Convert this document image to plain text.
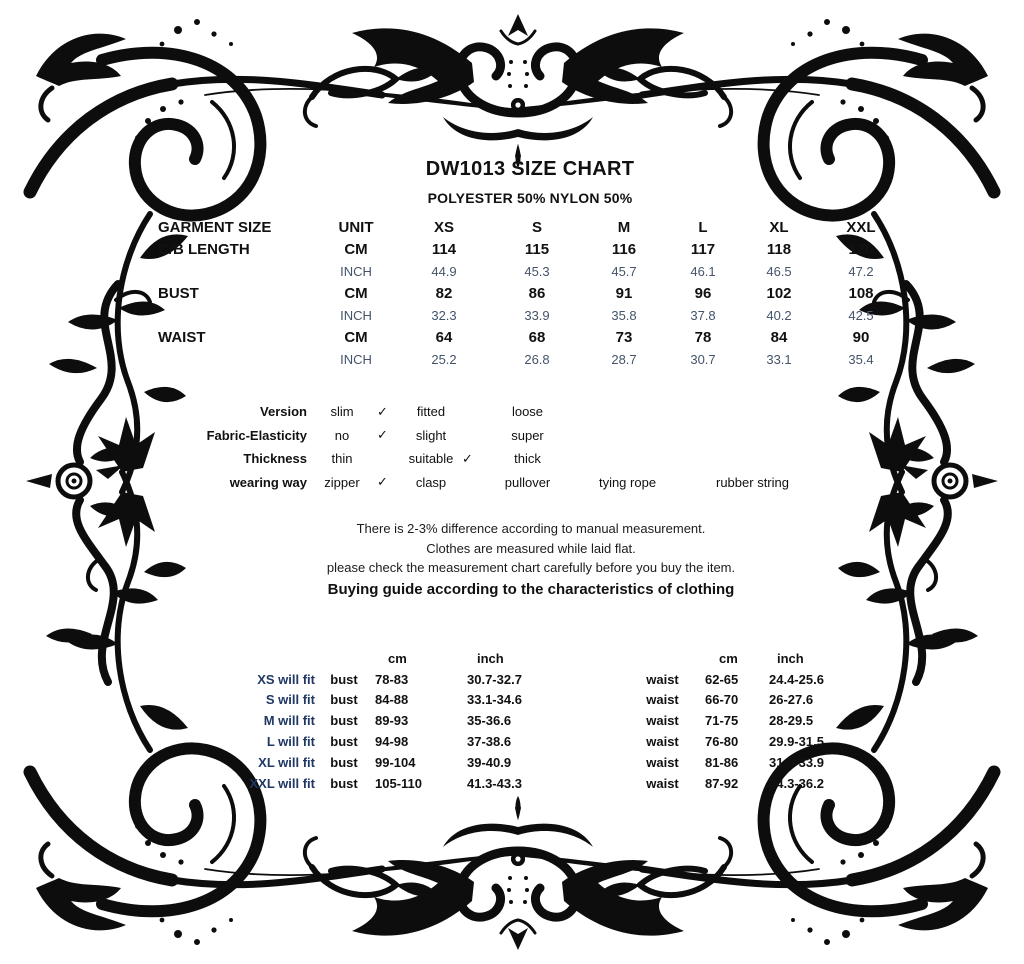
DW1013 SIZE CHART
POLYESTER 50% NYLON 50%
GARMENT SIZE	UNIT	XS	S	M	L	XL	XXL
C/B LENGTH	CM	114	115	116	117	118	120
	INCH	44.9	45.3	45.7	46.1	46.5	47.2
BUST	CM	82	86	91	96	102	108
	INCH	32.3	33.9	35.8	37.8	40.2	42.5
WAIST	CM	64	68	73	78	84	90
	INCH	25.2	26.8	28.7	30.7	33.1	35.4
Version	slim	✓	fitted	loose
Fabric-Elasticity	no	✓	slight	super
Thickness	thin	suitable ✓	thick
wearing way	zipper	✓	clasp	pullover	tying rope	rubber string
There is 2-3% difference according to manual measurement.
Clothes are measured while laid flat.
please check the measurement chart carefully before you buy the item.
Buying guide according to the characteristics of clothing
cm	inch	cm	inch
XS will fit	bust	78-83	30.7-32.7	waist	62-65	24.4-25.6
S will fit	bust	84-88	33.1-34.6	waist	66-70	26-27.6
M will fit	bust	89-93	35-36.6	waist	71-75	28-29.5
L will fit	bust	94-98	37-38.6	waist	76-80	29.9-31.5
XL will fit	bust	99-104	39-40.9	waist	81-86	31.9-33.9
XXL will fit	bust	105-110	41.3-43.3	waist	87-92	34.3-36.2
